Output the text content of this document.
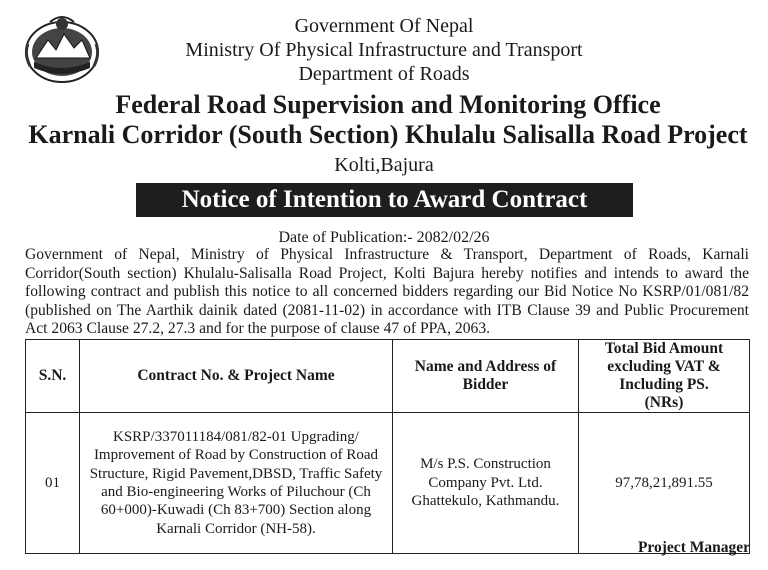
Government Of Nepal
Ministry Of Physical Infrastructure and Transport
Department of Roads
Federal Road Supervision and Monitoring Office
Karnali Corridor (South Section) Khulalu Salisalla Road Project
Kolti,Bajura
Notice of Intention to Award Contract
Date of Publication:- 2082/02/26
Government of Nepal, Ministry of Physical Infrastructure & Transport, Department of Roads, Karnali
Corridor(South section) Khulalu-Salisalla Road Project, Kolti Bajura hereby notifies and intends to award the
following contract and publish this notice to all concerned bidders regarding our Bid Notice No KSRP/01/081/82
(published on The Aarthik dainik dated (2081-11-02) in accordance with ITB Clause 39 and Public Procurement
Act 2063 Clause 27.2, 27.3 and for the purpose of clause 47 of PPA, 2063.
S.N.	Contract No. & Project Name	Name and Address of Bidder	Total Bid Amount excluding VAT & Including PS. (NRs)

01	KSRP/337011184/081/82-01 Upgrading/ Improvement of Road by Construction of Road Structure, Rigid Pavement,DBSD, Traffic Safety and Bio-engineering Works of Piluchour (Ch 60+000)-Kuwadi (Ch 83+700) Section along Karnali Corridor (NH-58).	M/s P.S. Construction Company Pvt. Ltd. Ghattekulo, Kathmandu.	97,78,21,891.55
Project Manager
